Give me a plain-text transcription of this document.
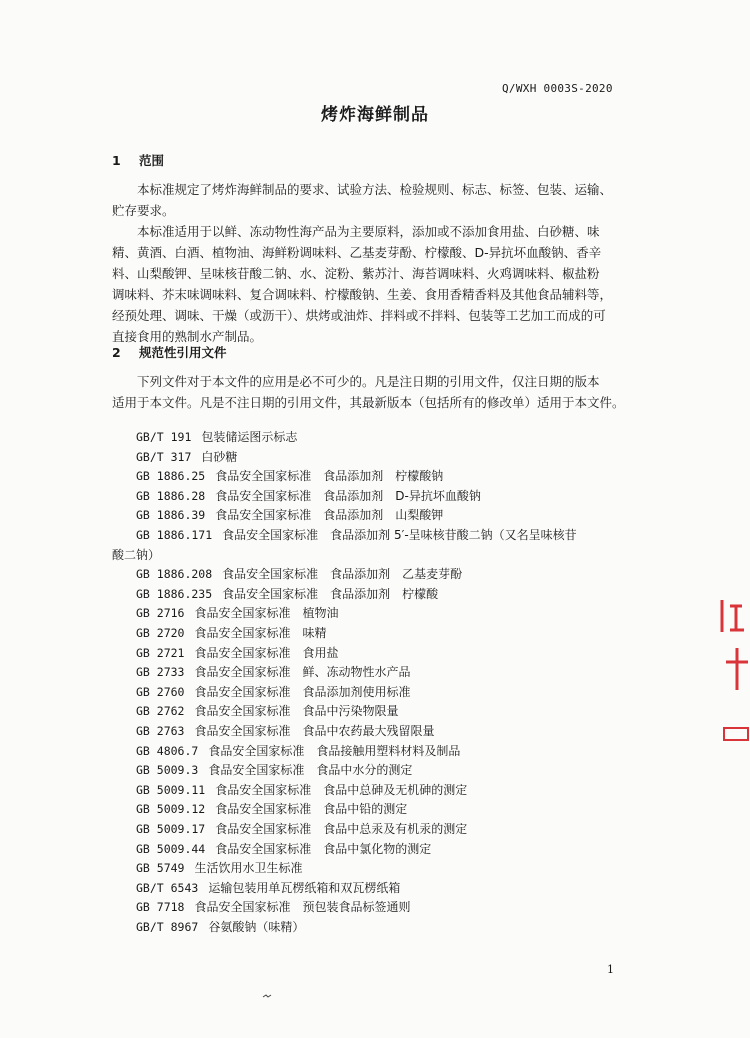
Q/WXH 0003S-2020
烤炸海鲜制品
1 范围
　　本标准规定了烤炸海鲜制品的要求、试验方法、检验规则、标志、标签、包装、运输、
贮存要求。
　　本标准适用于以鲜、冻动物性海产品为主要原料，添加或不添加食用盐、白砂糖、味
精、黄酒、白酒、植物油、海鲜粉调味料、乙基麦芽酚、柠檬酸、D-异抗坏血酸钠、香辛
料、山梨酸钾、呈味核苷酸二钠、水、淀粉、紫苏汁、海苔调味料、火鸡调味料、椒盐粉
调味料、芥末味调味料、复合调味料、柠檬酸钠、生姜、食用香精香料及其他食品辅料等，
经预处理、调味、干燥（或沥干）、烘烤或油炸、拌料或不拌料、包装等工艺加工而成的可
直接食用的熟制水产制品。
2 规范性引用文件
　　下列文件对于本文件的应用是必不可少的。凡是注日期的引用文件，仅注日期的版本
适用于本文件。凡是不注日期的引用文件，其最新版本（包括所有的修改单）适用于本文件。
GB/T 191 包装储运图示标志
GB/T 317 白砂糖
GB 1886.25 食品安全国家标准　食品添加剂　柠檬酸钠
GB 1886.28 食品安全国家标准　食品添加剂　D-异抗坏血酸钠
GB 1886.39 食品安全国家标准　食品添加剂　山梨酸钾
GB 1886.171 食品安全国家标准　食品添加剂 5′-呈味核苷酸二钠（又名呈味核苷
酸二钠）
GB 1886.208 食品安全国家标准　食品添加剂　乙基麦芽酚
GB 1886.235 食品安全国家标准　食品添加剂　柠檬酸
GB 2716 食品安全国家标准　植物油
GB 2720 食品安全国家标准　味精
GB 2721 食品安全国家标准　食用盐
GB 2733 食品安全国家标准　鲜、冻动物性水产品
GB 2760 食品安全国家标准　食品添加剂使用标准
GB 2762 食品安全国家标准　食品中污染物限量
GB 2763 食品安全国家标准　食品中农药最大残留限量
GB 4806.7 食品安全国家标准　食品接触用塑料材料及制品
GB 5009.3 食品安全国家标准　食品中水分的测定
GB 5009.11 食品安全国家标准　食品中总砷及无机砷的测定
GB 5009.12 食品安全国家标准　食品中铅的测定
GB 5009.17 食品安全国家标准　食品中总汞及有机汞的测定
GB 5009.44 食品安全国家标准　食品中氯化物的测定
GB 5749 生活饮用水卫生标准
GB/T 6543 运输包装用单瓦楞纸箱和双瓦楞纸箱
GB 7718 食品安全国家标准　预包装食品标签通则
GB/T 8967 谷氨酸钠（味精）
1
